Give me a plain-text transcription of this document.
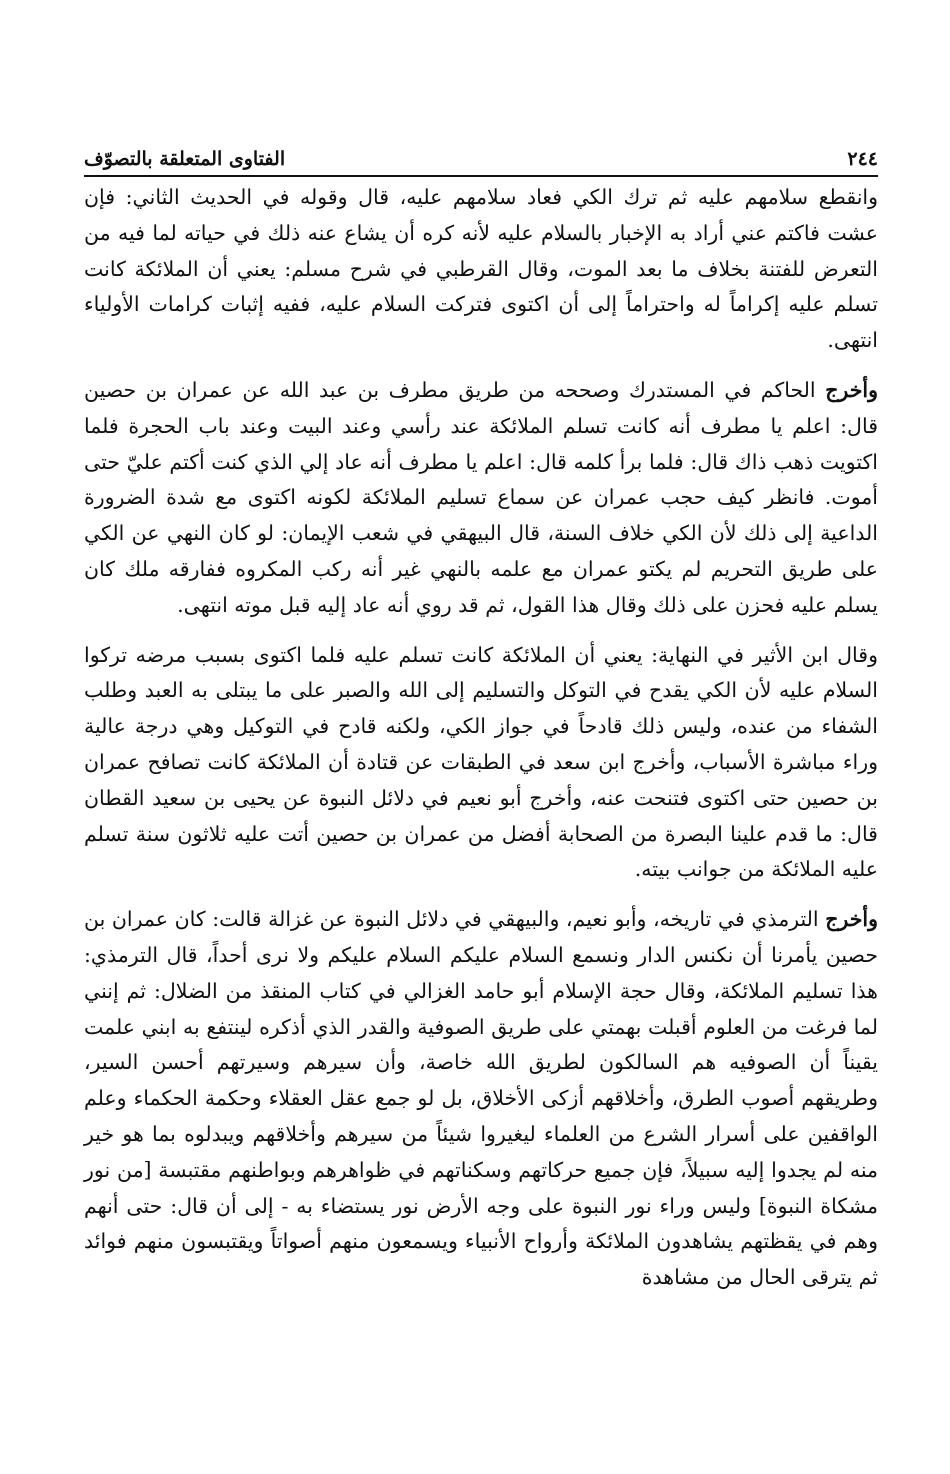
٢٤٤
الفتاوى المتعلقة بالتصوّف

وانقطع سلامهم عليه ثم ترك الكي فعاد سلامهم عليه، قال وقوله في الحديث الثاني: فإن عشت فاكتم عني أراد به الإخبار بالسلام عليه لأنه كره أن يشاع عنه ذلك في حياته لما فيه من التعرض للفتنة بخلاف ما بعد الموت، وقال القرطبي في شرح مسلم: يعني أن الملائكة كانت تسلم عليه إكراماً له واحتراماً إلى أن اكتوى فتركت السلام عليه، ففيه إثبات كرامات الأولياء انتهى.

وأخرج الحاكم في المستدرك وصححه من طريق مطرف بن عبد الله عن عمران بن حصين قال: اعلم يا مطرف أنه كانت تسلم الملائكة عند رأسي وعند البيت وعند باب الحجرة فلما اكتويت ذهب ذاك قال: فلما برأ كلمه قال: اعلم يا مطرف أنه عاد إلي الذي كنت أكتم عليّ حتى أموت. فانظر كيف حجب عمران عن سماع تسليم الملائكة لكونه اكتوى مع شدة الضرورة الداعية إلى ذلك لأن الكي خلاف السنة، قال البيهقي في شعب الإيمان: لو كان النهي عن الكي على طريق التحريم لم يكتو عمران مع علمه بالنهي غير أنه ركب المكروه ففارقه ملك كان يسلم عليه فحزن على ذلك وقال هذا القول، ثم قد روي أنه عاد إليه قبل موته انتهى.

وقال ابن الأثير في النهاية: يعني أن الملائكة كانت تسلم عليه فلما اكتوى بسبب مرضه تركوا السلام عليه لأن الكي يقدح في التوكل والتسليم إلى الله والصبر على ما يبتلى به العبد وطلب الشفاء من عنده، وليس ذلك قادحاً في جواز الكي، ولكنه قادح في التوكيل وهي درجة عالية وراء مباشرة الأسباب، وأخرج ابن سعد في الطبقات عن قتادة أن الملائكة كانت تصافح عمران بن حصين حتى اكتوى فتنحت عنه، وأخرج أبو نعيم في دلائل النبوة عن يحيى بن سعيد القطان قال: ما قدم علينا البصرة من الصحابة أفضل من عمران بن حصين أتت عليه ثلاثون سنة تسلم عليه الملائكة من جوانب بيته.

وأخرج الترمذي في تاريخه، وأبو نعيم، والبيهقي في دلائل النبوة عن غزالة قالت: كان عمران بن حصين يأمرنا أن نكنس الدار ونسمع السلام عليكم السلام عليكم ولا نرى أحداً، قال الترمذي: هذا تسليم الملائكة، وقال حجة الإسلام أبو حامد الغزالي في كتاب المنقذ من الضلال: ثم إنني لما فرغت من العلوم أقبلت بهمتي على طريق الصوفية والقدر الذي أذكره لينتفع به ابني علمت يقيناً أن الصوفيه هم السالكون لطريق الله خاصة، وأن سيرهم وسيرتهم أحسن السير، وطريقهم أصوب الطرق، وأخلاقهم أزكى الأخلاق، بل لو جمع عقل العقلاء وحكمة الحكماء وعلم الواقفين على أسرار الشرع من العلماء ليغيروا شيئاً من سيرهم وأخلاقهم ويبدلوه بما هو خير منه لم يجدوا إليه سبيلاً، فإن جميع حركاتهم وسكناتهم في ظواهرهم وبواطنهم مقتبسة [من نور مشكاة النبوة] وليس وراء نور النبوة على وجه الأرض نور يستضاء به - إلى أن قال: حتى أنهم وهم في يقظتهم يشاهدون الملائكة وأرواح الأنبياء ويسمعون منهم أصواتاً ويقتبسون منهم فوائد ثم يترقى الحال من مشاهدة
